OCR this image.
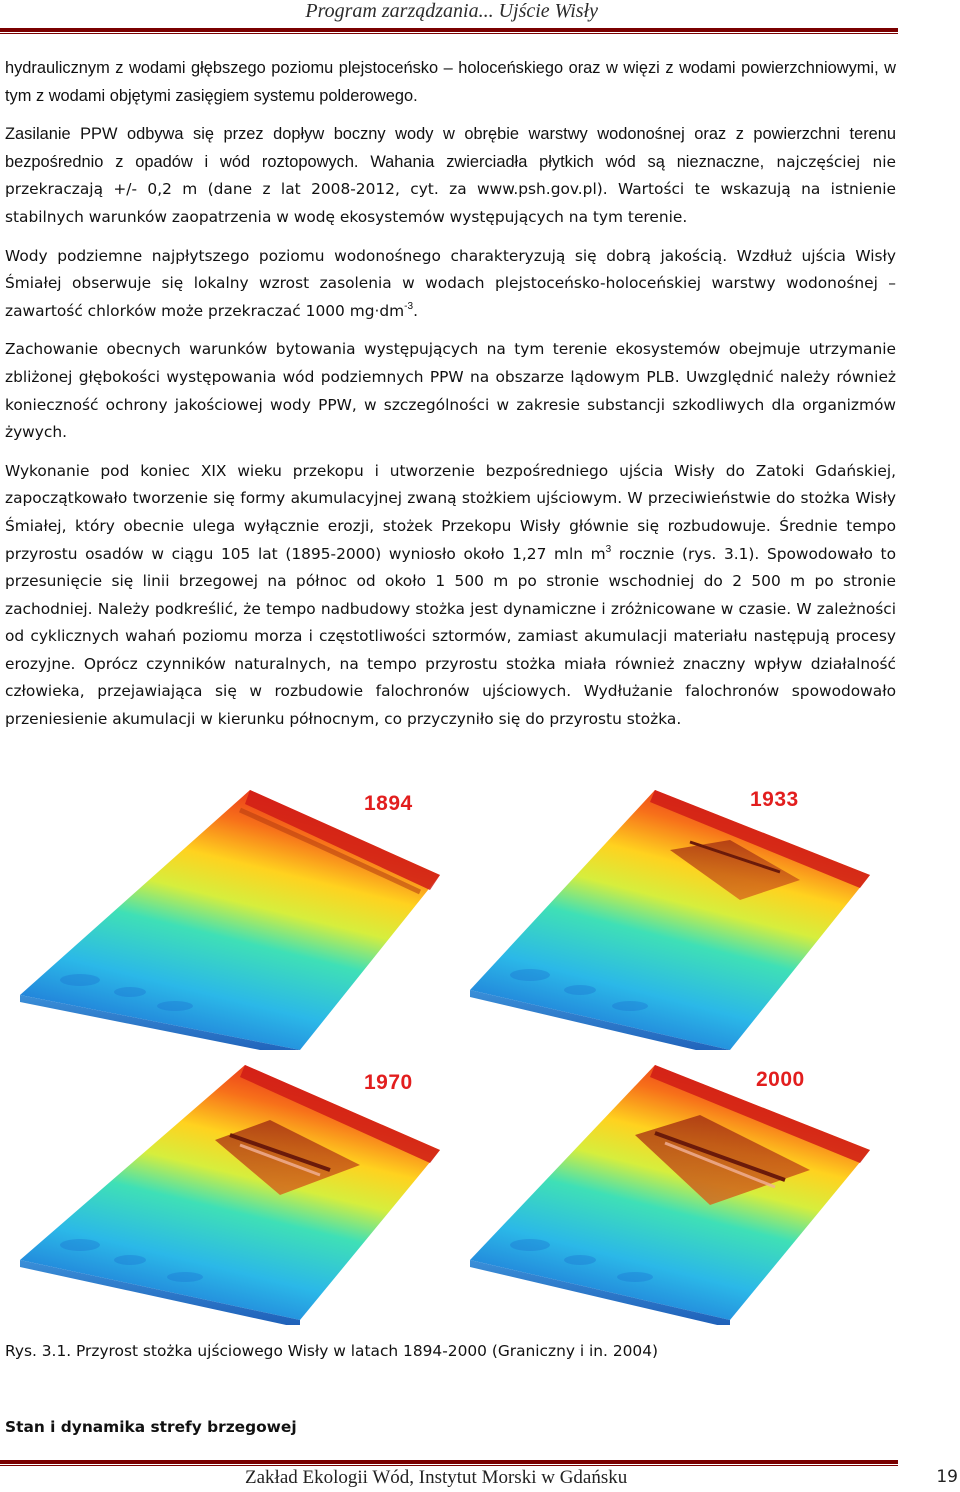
Program zarządzania... Ujście Wisły

hydraulicznym z wodami głębszego poziomu plejstoceńsko – holoceńskiego oraz w więzi z wodami powierzchniowymi, w tym z wodami objętymi zasięgiem systemu polderowego.

Zasilanie PPW odbywa się przez dopływ boczny wody w obrębie warstwy wodonośnej oraz z powierzchni terenu bezpośrednio z opadów i wód roztopowych. Wahania zwierciadła płytkich wód są nieznaczne, najczęściej nie przekraczają +/- 0,2 m (dane z lat 2008-2012, cyt. za www.psh.gov.pl). Wartości te wskazują na istnienie stabilnych warunków zaopatrzenia w wodę ekosystemów występujących na tym terenie.

Wody podziemne najpłytszego poziomu wodonośnego charakteryzują się dobrą jakością. Wzdłuż ujścia Wisły Śmiałej obserwuje się lokalny wzrost zasolenia w wodach plejstoceńsko-holoceńskiej warstwy wodonośnej – zawartość chlorków może przekraczać 1000 $mg\cdot dm^{-3}$.

Zachowanie obecnych warunków bytowania występujących na tym terenie ekosystemów obejmuje utrzymanie zbliżonej głębokości występowania wód podziemnych PPW na obszarze lądowym PLB. Uwzględnić należy również konieczność ochrony jakościowej wody PPW, w szczególności w zakresie substancji szkodliwych dla organizmów żywych.

Wykonanie pod koniec XIX wieku przekopu i utworzenie bezpośredniego ujścia Wisły do Zatoki Gdańskiej, zapoczątkowało tworzenie się formy akumulacyjnej zwaną stożkiem ujściowym. W przeciwieństwie do stożka Wisły Śmiałej, który obecnie ulega wyłącznie erozji, stożek Przekopu Wisły głównie się rozbudowuje. Średnie tempo przyrostu osadów w ciągu 105 lat (1895-2000) wyniosło około 1,27 mln $m^3$ rocznie (rys. 3.1). Spowodowało to przesunięcie się linii brzegowej na północ od około 1 500 m po stronie wschodniej do 2 500 m po stronie zachodniej. Należy podkreślić, że tempo nadbudowy stożka jest dynamiczne i zróżnicowane w czasie. W zależności od cyklicznych wahań poziomu morza i częstotliwości sztormów, zamiast akumulacji materiału następują procesy erozyjne. Oprócz czynników naturalnych, na tempo przyrostu stożka miała również znaczny wpływ działalność człowieka, przejawiająca się w rozbudowie falochronów ujściowych. Wydłużanie falochronów spowodowało przeniesienie akumulacji w kierunku północnym, co przyczyniło się do przyrostu stożka.

1894	1933
1970	2000
Rys. 3.1. Przyrost stożka ujściowego Wisły w latach 1894-2000 (Graniczny i in. 2004)
Stan i dynamika strefy brzegowej
Zakład Ekologii Wód, Instytut Morski w Gdańsku	19
